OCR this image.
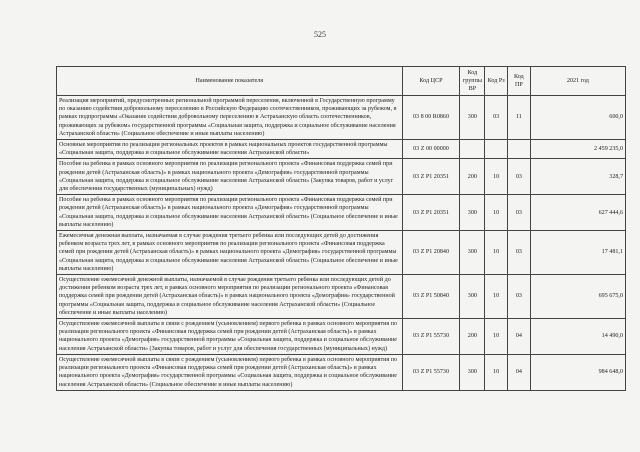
525
Наименование показателя	Код ЦСР	Код группы ВР	Код Рз	Код ПР	2021 год
Реализация мероприятий, предусмотренных региональной программой переселения, включенной в Государственную программу по оказанию содействия добровольному переселению в Российскую Федерацию соотечественников, проживающих за рубежом, в рамках подпрограммы «Оказание содействия добровольному переселению в Астраханскую область соотечественников, проживающих за рубежом» государственной программы «Социальная защита, поддержка и социальное обслуживание населения Астраханской области» (Социальное обеспечение и иные выплаты населению)	03 8 00 R0860	300	03	11	600,0
Основные мероприятия по реализации региональных проектов в рамках национальных проектов государственной программы «Социальная защита, поддержка и социальное обслуживание населения Астраханской области»	03 Z 00 00000				2 459 235,0
Пособие на ребенка в рамках основного мероприятия по реализации регионального проекта «Финансовая поддержка семей при рождении детей (Астраханская область)» в рамках национального проекта «Демография» государственной программы «Социальная защита, поддержка и социальное обслуживание населения Астраханской области» (Закупка товаров, работ и услуг для обеспечения государственных (муниципальных) нужд)	03 Z P1 20351	200	10	03	328,7
Пособие на ребенка в рамках основного мероприятия по реализации регионального проекта «Финансовая поддержка семей при рождении детей (Астраханская область)» в рамках национального проекта «Демография» государственной программы «Социальная защита, поддержка и социальное обслуживание населения Астраханской области» (Социальное обеспечение и иные выплаты населению)	03 Z P1 20351	300	10	03	627 444,6
Ежемесячная денежная выплата, назначаемая в случае рождения третьего ребенка или последующих детей до достижения ребенком возраста трех лет, в рамках основного мероприятия по реализации регионального проекта «Финансовая поддержка семей при рождении детей (Астраханская область)» в рамках национального проекта «Демография» государственной программы «Социальная защита, поддержка и социальное обслуживание населения Астраханской области» (Социальное обеспечение и иные выплаты населению)	03 Z P1 20840	300	10	03	17 481,1
Осуществление ежемесячной денежной выплаты, назначаемой в случае рождения третьего ребенка или последующих детей до достижения ребенком возраста трех лет, в рамках основного мероприятия по реализации регионального проекта «Финансовая поддержка семей при рождении детей (Астраханская область)» в рамках национального проекта «Демография» государственной программы «Социальная защита, поддержка и социальное обслуживание населения Астраханской области» (Социальное обеспечение и иные выплаты населению)	03 Z P1 50840	300	10	03	695 675,0
Осуществление ежемесячной выплаты в связи с рождением (усыновлением) первого ребенка в рамках основного мероприятия по реализации регионального проекта «Финансовая поддержка семей при рождении детей (Астраханская область)» в рамках национального проекта «Демография» государственной программы «Социальная защита, поддержка и социальное обслуживание населения Астраханской области» (Закупка товаров, работ и услуг для обеспечения государственных (муниципальных) нужд)	03 Z P1 55730	200	10	04	14 490,0
Осуществление ежемесячной выплаты в связи с рождением (усыновлением) первого ребенка в рамках основного мероприятия по реализации регионального проекта «Финансовая поддержка семей при рождении детей (Астраханская область)» в рамках национального проекта «Демография» государственной программы «Социальная защита, поддержка и социальное обслуживание населения Астраханской области» (Социальное обеспечение и иные выплаты населению)	03 Z P1 55730	300	10	04	984 648,0
